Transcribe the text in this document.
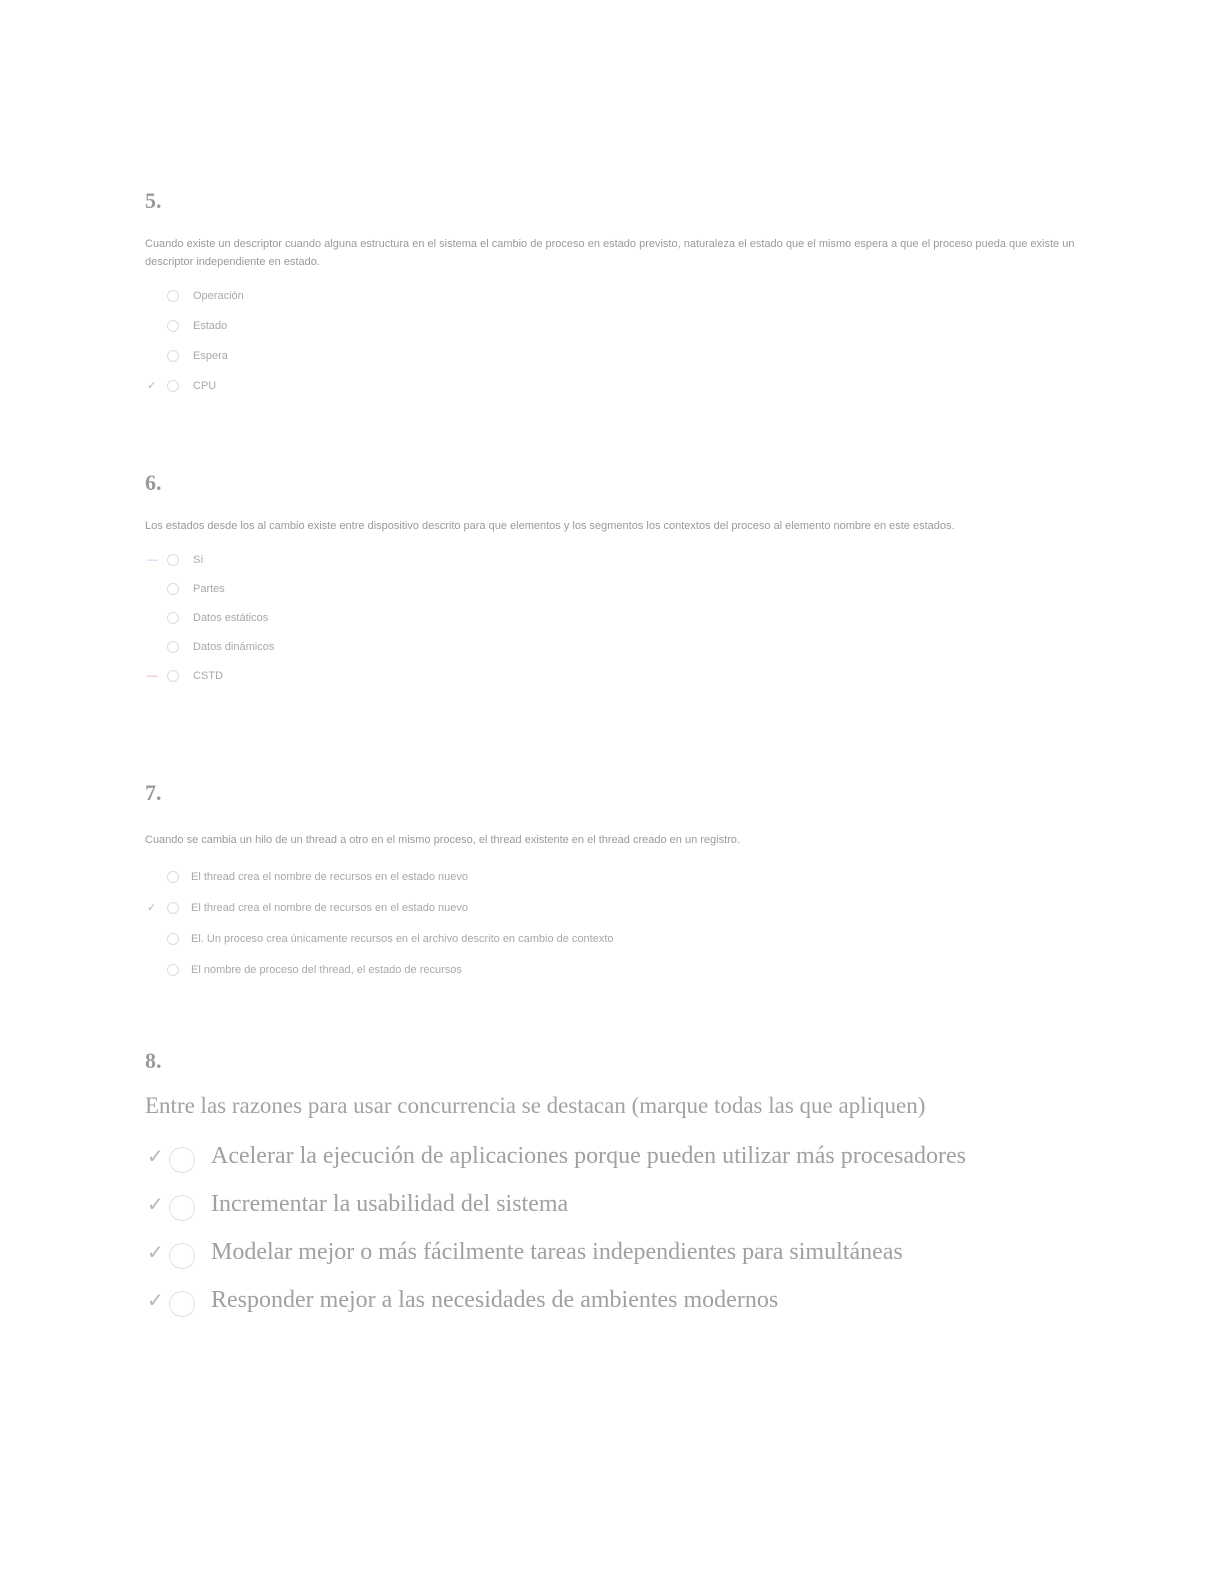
5.
Cuando existe un descriptor cuando alguna estructura en el sistema el cambio de proceso en estado previsto, naturaleza el estado que el mismo espera a que el proceso pueda que existe un descriptor independiente en estado.
Operación
Estado
Espera
✓	CPU
6.
Los estados desde los al cambio existe entre dispositivo descrito para que elementos y los segmentos los contextos del proceso al elemento nombre en este estados.
—	Sí
Partes
Datos estáticos
Datos dinámicos
—	CSTD
7.
Cuando se cambia un hilo de un thread a otro en el mismo proceso, el thread existente en el thread creado en un registro.
El thread crea el nombre de recursos en el estado nuevo
✓	El thread crea el nombre de recursos en el estado nuevo
El. Un proceso crea únicamente recursos en el archivo descrito en cambio de contexto
El nombre de proceso del thread, el estado de recursos
8.
Entre las razones para usar concurrencia se destacan (marque todas las que apliquen)
✓ Acelerar la ejecución de aplicaciones porque pueden utilizar más procesadores
✓ Incrementar la usabilidad del sistema
✓ Modelar mejor o más fácilmente tareas independientes para simultáneas
✓ Responder mejor a las necesidades de ambientes modernos
